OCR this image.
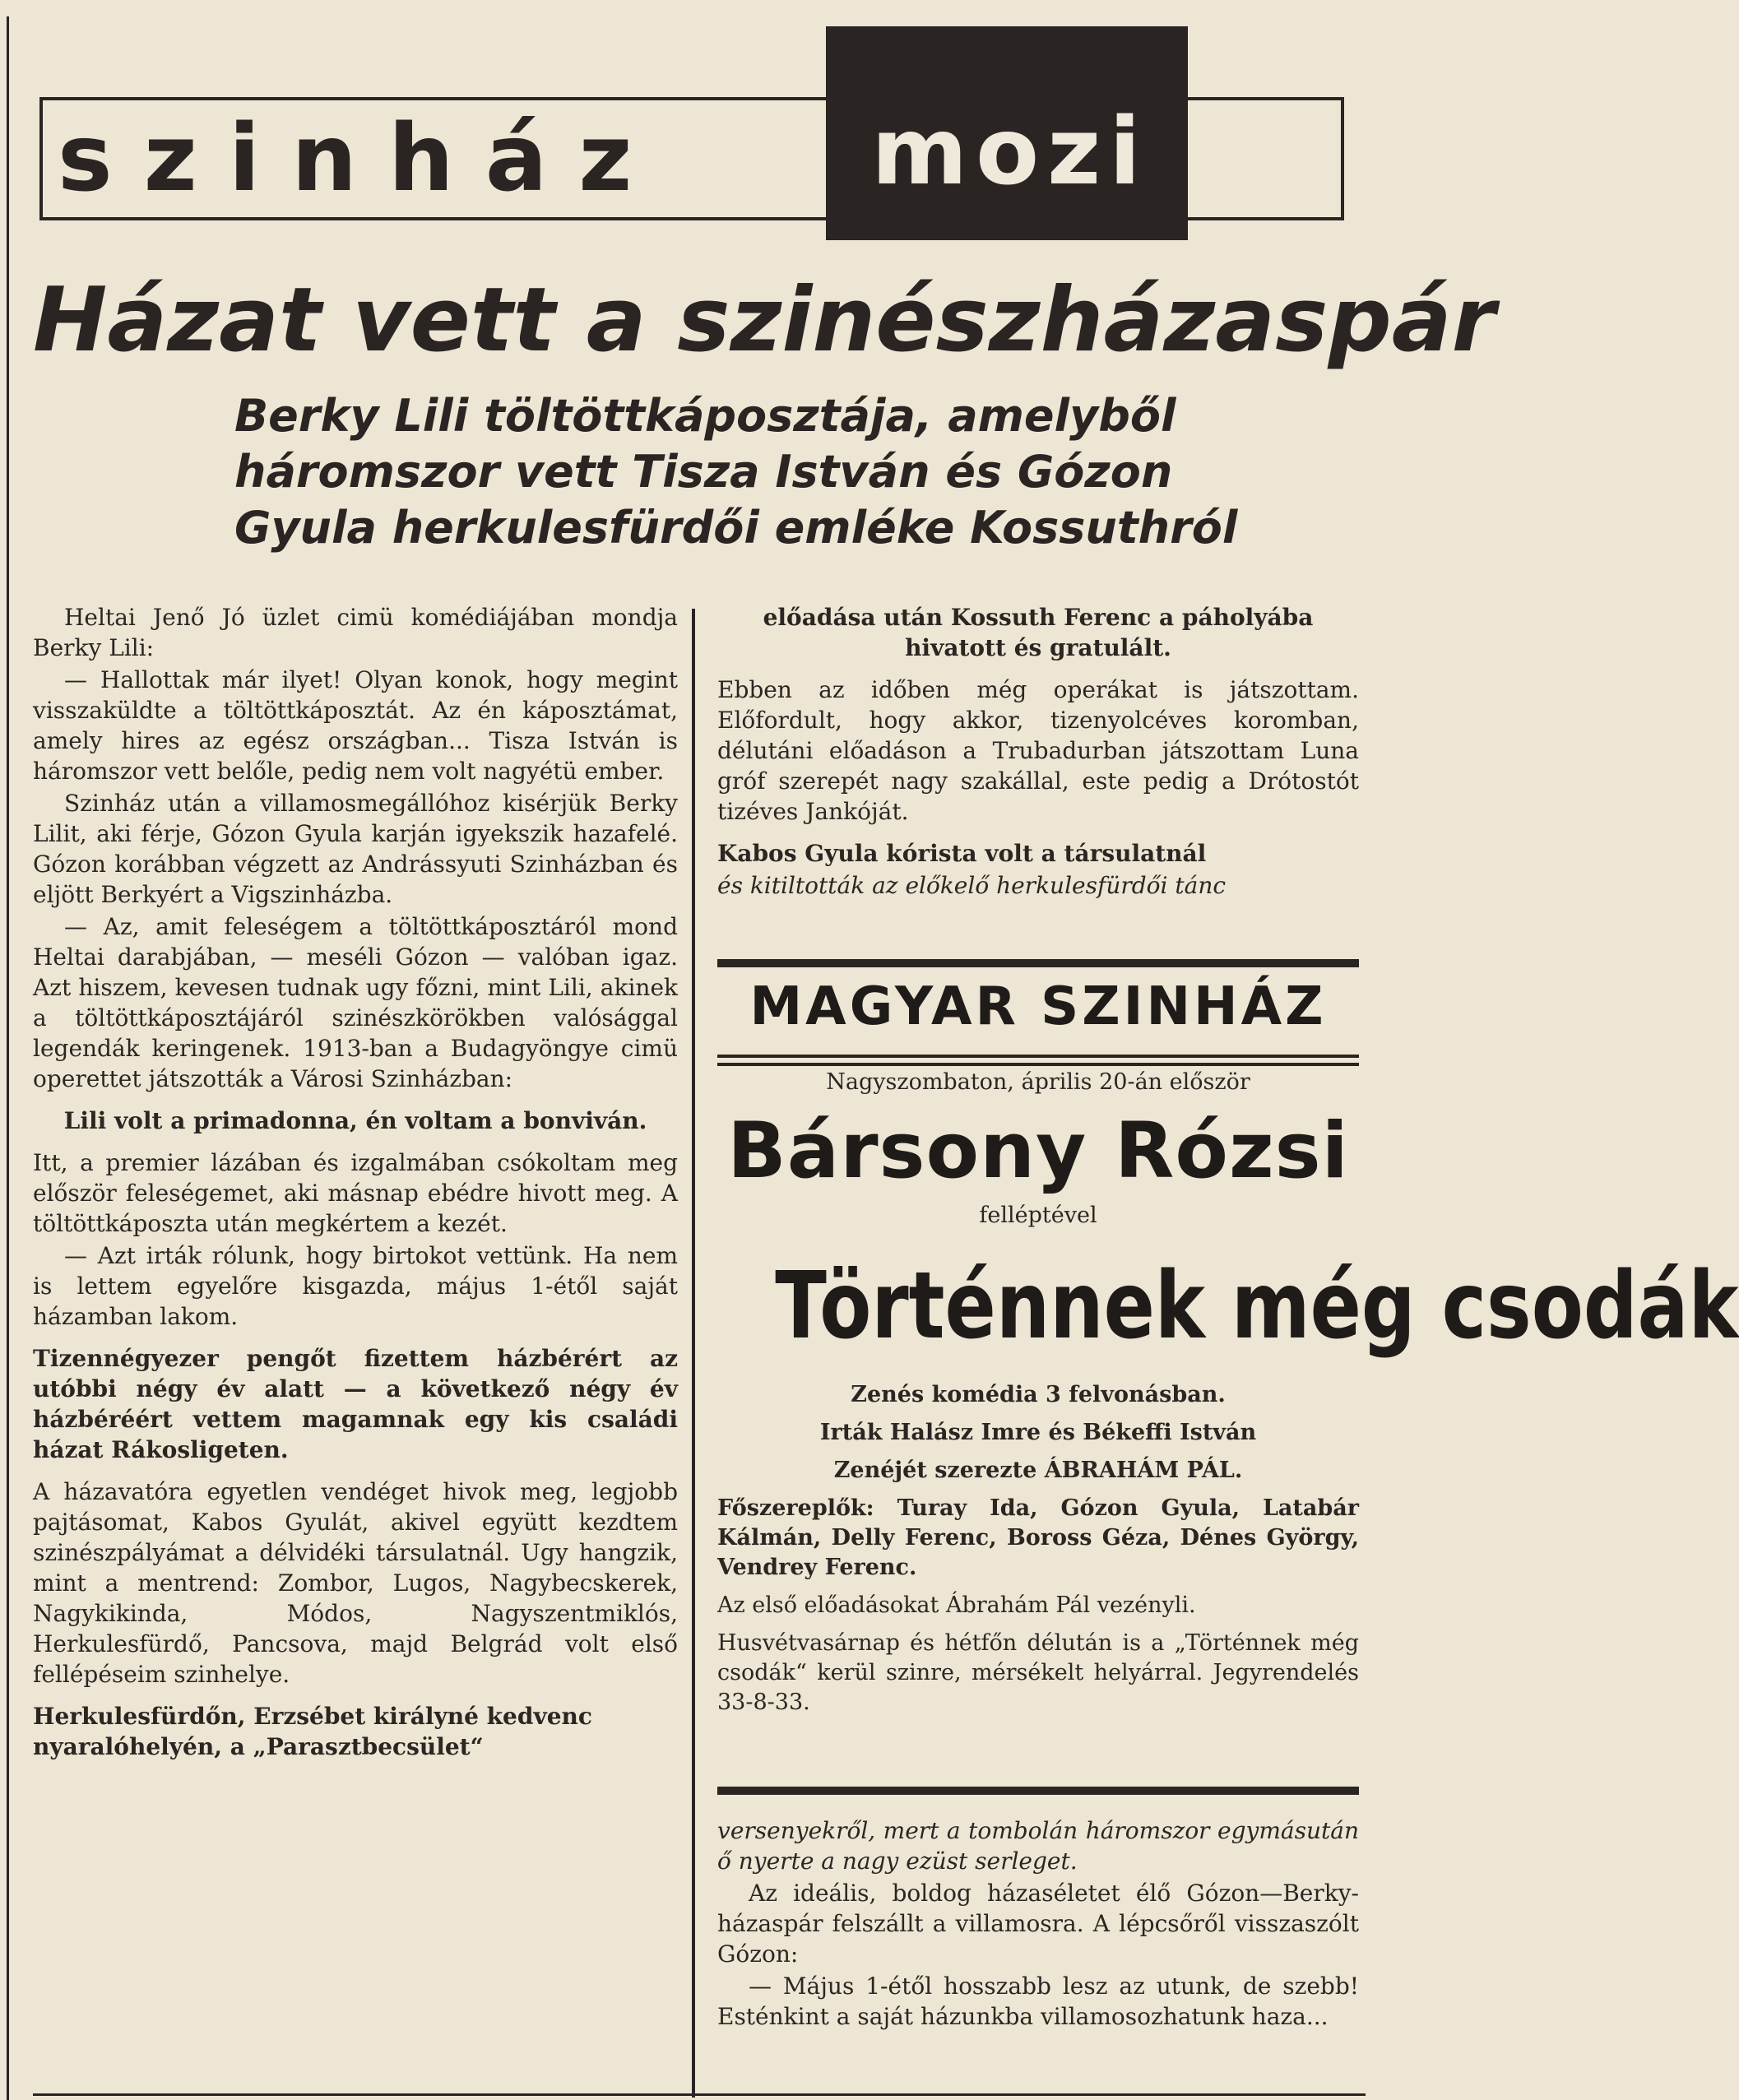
szinház	mozi
Házat vett a szinészházaspár
Berky Lili töltöttkáposztája, amelyből
háromszor vett Tisza István és Gózon
Gyula herkulesfürdői emléke Kossuthról

Heltai Jenő Jó üzlet cimü komédiájában mondja Berky Lili:

— Hallottak már ilyet! Olyan konok, hogy megint visszaküldte a töltöttkáposztát. Az én káposztámat, amely hires az egész országban... Tisza István is háromszor vett belőle, pedig nem volt nagyétü ember.

Szinház után a villamosmegállóhoz kisérjük Berky Lilit, aki férje, Gózon Gyula karján igyekszik hazafelé. Gózon korábban végzett az Andrássyuti Szinházban és eljött Berkyért a Vigszinházba.

— Az, amit feleségem a töltöttkáposztáról mond Heltai darabjában, — meséli Gózon — valóban igaz. Azt hiszem, kevesen tudnak ugy főzni, mint Lili, akinek a töltöttkáposztájáról szinészkörökben valósággal legendák keringenek. 1913-ban a Budagyöngye cimü operettet játszották a Városi Szinházban:

Lili volt a primadonna, én voltam a bonviván.

Itt, a premier lázában és izgalmában csókoltam meg először feleségemet, aki másnap ebédre hivott meg. A töltöttkáposzta után megkértem a kezét.

— Azt irták rólunk, hogy birtokot vettünk. Ha nem is lettem egyelőre kisgazda, május 1-étől saját házamban lakom.

Tizennégyezer pengőt fizettem házbérért az utóbbi négy év alatt — a következő négy év házbéréért vettem magamnak egy kis családi házat Rákosligeten.

A házavatóra egyetlen vendéget hivok meg, legjobb pajtásomat, Kabos Gyulát, akivel együtt kezdtem szinészpályámat a délvidéki társulatnál. Ugy hangzik, mint a mentrend: Zombor, Lugos, Nagybecskerek, Nagykikinda, Módos, Nagyszentmiklós, Herkulesfürdő, Pancsova, majd Belgrád volt első fellépéseim szinhelye.

Herkulesfürdőn, Erzsébet királyné kedvenc nyaralóhelyén, a „Parasztbecsület“

előadása után Kossuth Ferenc a páholyába hivatott és gratulált.

Ebben az időben még operákat is játszottam. Előfordult, hogy akkor, tizenyolcéves koromban, délutáni előadáson a Trubadurban játszottam Luna gróf szerepét nagy szakállal, este pedig a Drótostót tizéves Jankóját.

Kabos Gyula kórista volt a társulatnál

és kitiltották az előkelő herkulesfürdői tánc

MAGYAR SZINHÁZ

Nagyszombaton, április 20-án először

Bársony Rózsi

felléptével

Történnek még csodák

Zenés komédia 3 felvonásban.

Irták Halász Imre és Békeffi István

Zenéjét szerezte ÁBRAHÁM PÁL.

Főszereplők: Turay Ida, Gózon Gyula, Latabár Kálmán, Delly Ferenc, Boross Géza, Dénes György, Vendrey Ferenc.

Az első előadásokat Ábrahám Pál vezényli.

Husvétvasárnap és hétfőn délután is a „Történnek még csodák“ kerül szinre, mérsékelt helyárral. Jegyrendelés 33-8-33.

versenyekről, mert a tombolán háromszor egymásután ő nyerte a nagy ezüst serleget.

Az ideális, boldog házaséletet élő Gózon—Berky-házaspár felszállt a villamosra. A lépcsőről visszaszólt Gózon:

— Május 1-étől hosszabb lesz az utunk, de szebb! Esténkint a saját házunkba villamosozhatunk haza...
